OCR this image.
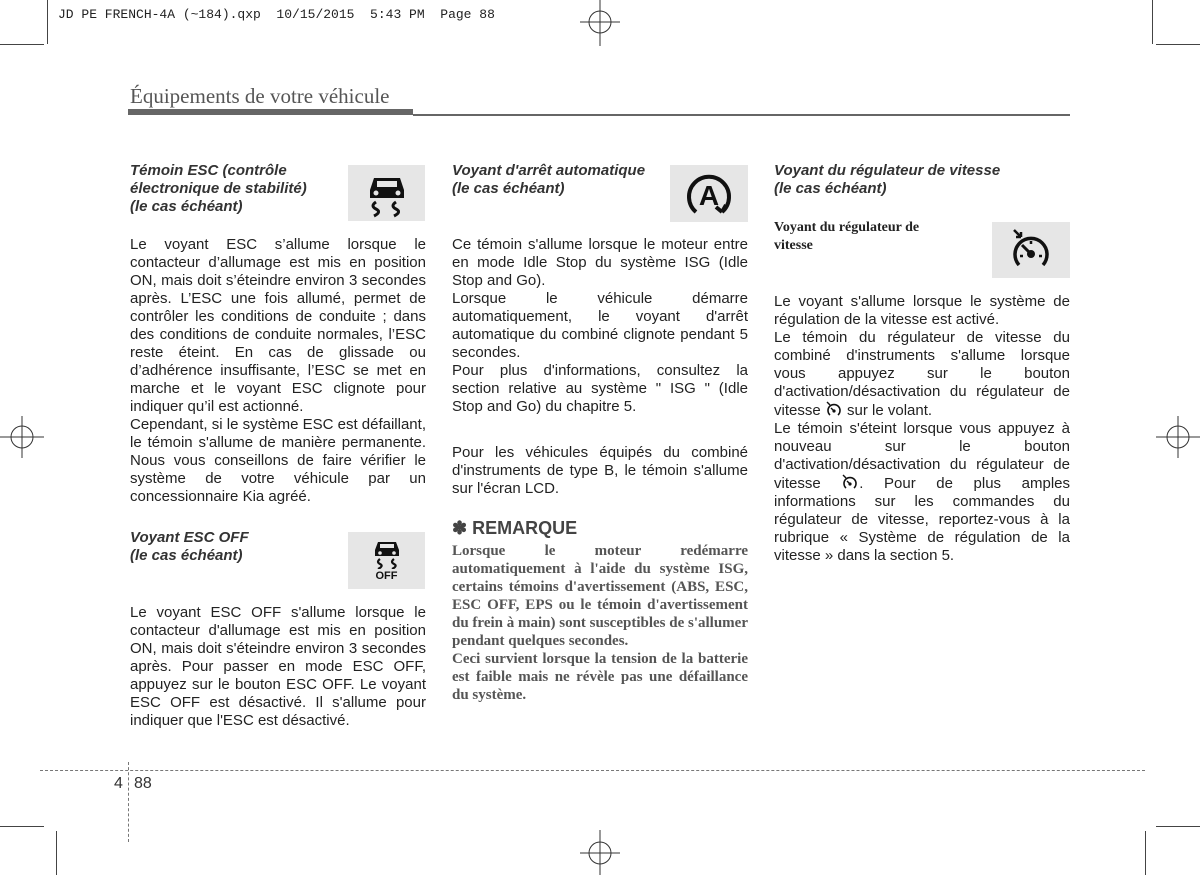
JD PE FRENCH-4A (~184).qxp  10/15/2015  5:43 PM  Page 88
Équipements de votre véhicule
Témoin ESC (contrôle
électronique de stabilité)
(le cas échéant)

Le voyant ESC s’allume lorsque le contacteur d’allumage est mis en position ON, mais doit s’éteindre environ 3 secondes après. L’ESC une fois allumé, permet de contrôler les conditions de conduite ; dans des conditions de conduite normales, l’ESC reste éteint. En cas de glissade ou d’adhérence insuffisante, l’ESC se met en marche et le voyant ESC clignote pour indiquer qu’il est actionné.

Cependant, si le système ESC est défaillant, le témoin s'allume de manière permanente. Nous vous conseillons de faire vérifier le système de votre véhicule par un concessionnaire Kia agréé.

Voyant ESC OFF
(le cas échéant)
OFF

Le voyant ESC OFF s'allume lorsque le contacteur d'allumage est mis en position ON, mais doit s'éteindre environ 3 secondes après. Pour passer en mode ESC OFF, appuyez sur le bouton ESC OFF. Le voyant ESC OFF est désactivé. Il s'allume pour indiquer que l'ESC est désactivé.

Voyant d'arrêt automatique
(le cas échéant)	A

Ce témoin s'allume lorsque le moteur entre en mode Idle Stop du système ISG (Idle Stop and Go).

Lorsque le véhicule démarre automatiquement, le voyant d'arrêt automatique du combiné clignote pendant 5 secondes.

Pour plus d'informations, consultez la section relative au système " ISG " (Idle Stop and Go) du chapitre 5.

Pour les véhicules équipés du combiné d'instruments de type B, le témoin s'allume sur l'écran LCD.

✽ REMARQUE

Lorsque le moteur redémarre automatiquement à l'aide du système ISG, certains témoins d'avertissement (ABS, ESC, ESC OFF, EPS ou le témoin d'avertissement du frein à main) sont susceptibles de s'allumer pendant quelques secondes.

Ceci survient lorsque la tension de la batterie est faible mais ne révèle pas une défaillance du système.

Voyant du régulateur de vitesse
(le cas échéant)
Voyant du régulateur de
vitesse

Le voyant s'allume lorsque le système de régulation de la vitesse est activé.

Le témoin du régulateur de vitesse du combiné d'instruments s'allume lorsque vous appuyez sur le bouton d'activation/désactivation du régulateur de vitesse  sur le volant.

Le témoin s'éteint lorsque vous appuyez à nouveau sur le bouton d'activation/désactivation du régulateur de vitesse . Pour de plus amples informations sur les commandes du régulateur de vitesse, reportez-vous à la rubrique « Système de régulation de la vitesse » dans la section 5.

4 88
